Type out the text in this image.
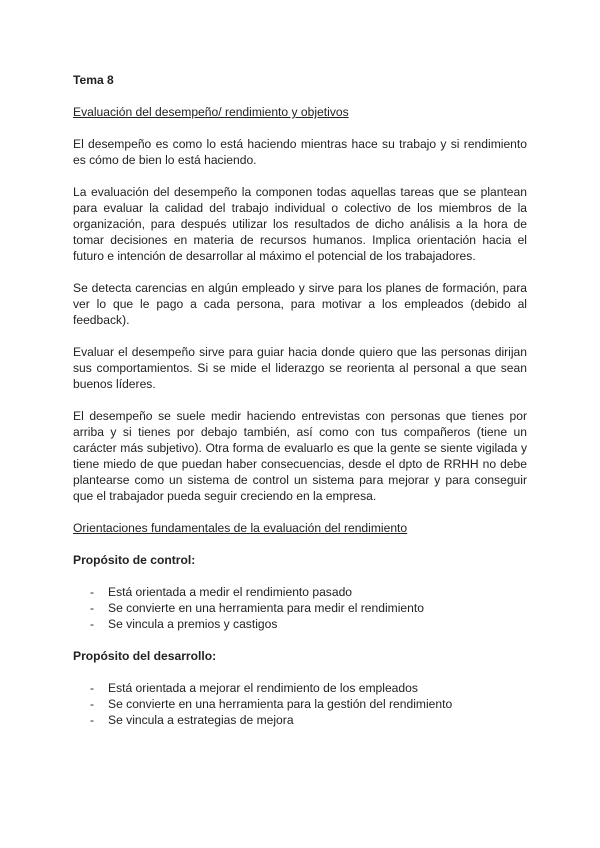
Tema 8

Evaluación del desempeño/ rendimiento y objetivos

El desempeño es como lo está haciendo mientras hace su trabajo y si rendimiento es cómo de bien lo está haciendo.

La evaluación del desempeño la componen todas aquellas tareas que se plantean para evaluar la calidad del trabajo individual o colectivo de los miembros de la organización, para después utilizar los resultados de dicho análisis a la hora de tomar decisiones en materia de recursos humanos. Implica orientación hacia el futuro e intención de desarrollar al máximo el potencial de los trabajadores.

Se detecta carencias en algún empleado y sirve para los planes de formación, para ver lo que le pago a cada persona, para motivar a los empleados (debido al feedback).

Evaluar el desempeño sirve para guiar hacia donde quiero que las personas dirijan sus comportamientos. Si se mide el liderazgo se reorienta al personal a que sean buenos líderes.

El desempeño se suele medir haciendo entrevistas con personas que tienes por arriba y si tienes por debajo también, así como con tus compañeros (tiene un carácter más subjetivo). Otra forma de evaluarlo es que la gente se siente vigilada y tiene miedo de que puedan haber consecuencias, desde el dpto de RRHH no debe plantearse como un sistema de control un sistema para mejorar y para conseguir que el trabajador pueda seguir creciendo en la empresa.

Orientaciones fundamentales de la evaluación del rendimiento

Propósito de control:

- Está orientada a medir el rendimiento pasado
- Se convierte en una herramienta para medir el rendimiento
- Se vincula a premios y castigos

Propósito del desarrollo:

- Está orientada a mejorar el rendimiento de los empleados
- Se convierte en una herramienta para la gestión del rendimiento
- Se vincula a estrategias de mejora
